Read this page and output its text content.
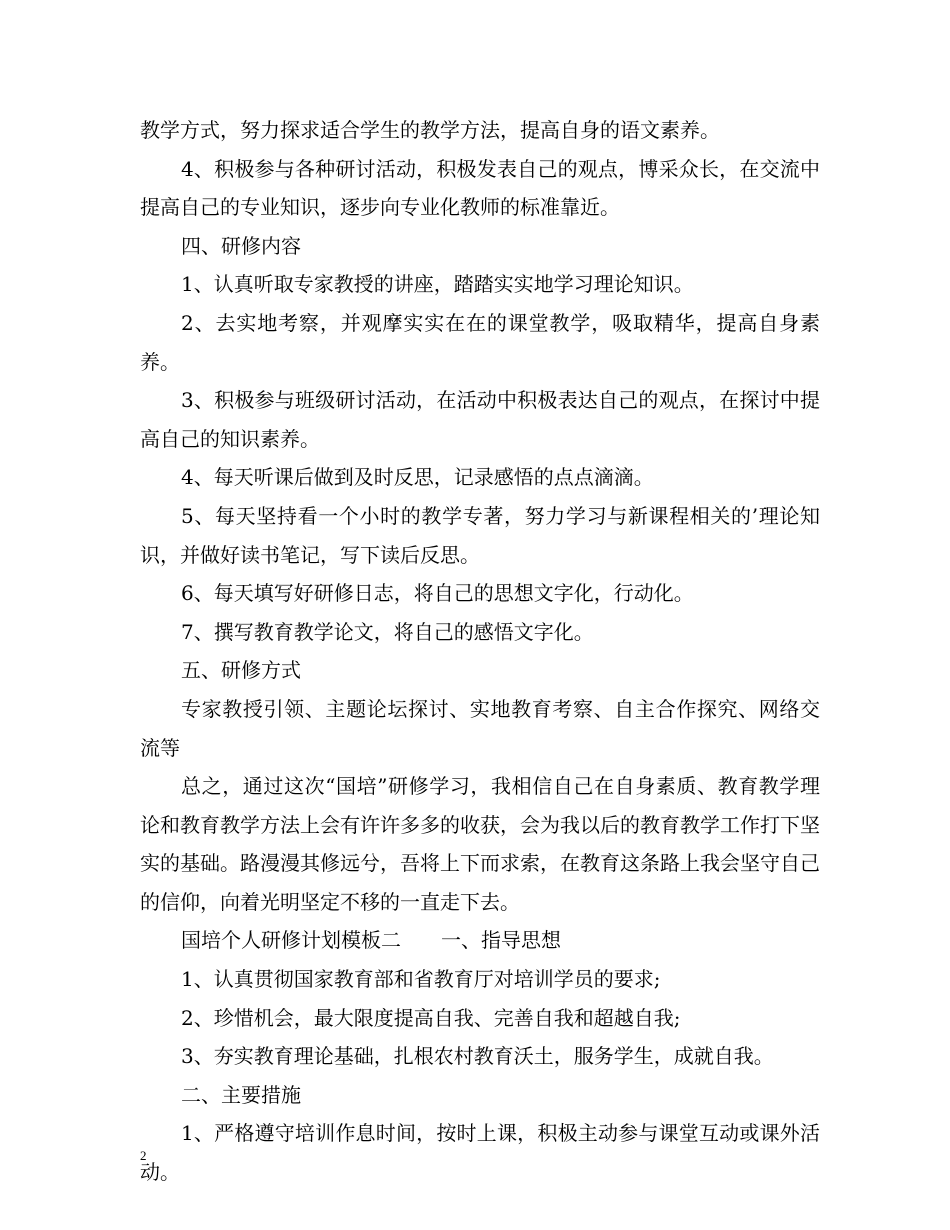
教学方式，努力探求适合学生的教学方法，提高自身的语文素养。

4、积极参与各种研讨活动，积极发表自己的观点，博采众长，在交流中提高自己的专业知识，逐步向专业化教师的标准靠近。

四、研修内容

1、认真听取专家教授的讲座，踏踏实实地学习理论知识。

2、去实地考察，并观摩实实在在的课堂教学，吸取精华，提高自身素养。

3、积极参与班级研讨活动，在活动中积极表达自己的观点，在探讨中提高自己的知识素养。

4、每天听课后做到及时反思，记录感悟的点点滴滴。

5、每天坚持看一个小时的教学专著，努力学习与新课程相关的’理论知识，并做好读书笔记，写下读后反思。

6、每天填写好研修日志，将自己的思想文字化，行动化。

7、撰写教育教学论文，将自己的感悟文字化。

五、研修方式

专家教授引领、主题论坛探讨、实地教育考察、自主合作探究、网络交流等

总之，通过这次“国培”研修学习，我相信自己在自身素质、教育教学理论和教育教学方法上会有许许多多的收获，会为我以后的教育教学工作打下坚实的基础。路漫漫其修远兮，吾将上下而求索，在教育这条路上我会坚守自己的信仰，向着光明坚定不移的一直走下去。

国培个人研修计划模板二　　一、指导思想

1、认真贯彻国家教育部和省教育厅对培训学员的要求;

2、珍惜机会，最大限度提高自我、完善自我和超越自我;

3、夯实教育理论基础，扎根农村教育沃土，服务学生，成就自我。

二、主要措施

1、严格遵守培训作息时间，按时上课，积极主动参与课堂互动或课外活动。

2
